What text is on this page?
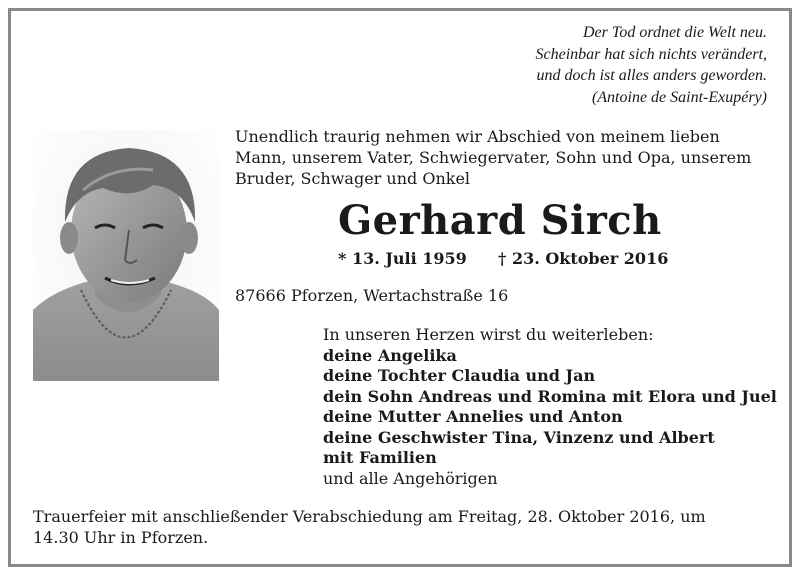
Der Tod ordnet die Welt neu.
Scheinbar hat sich nichts verändert,
und doch ist alles anders geworden.
(Antoine de Saint-Exupéry)
Unendlich traurig nehmen wir Abschied von meinem lieben
Mann, unserem Vater, Schwiegervater, Sohn und Opa, unserem
Bruder, Schwager und Onkel
Gerhard Sirch
* 13. Juli 1959 † 23. Oktober 2016
87666 Pforzen, Wertachstraße 16
In unseren Herzen wirst du weiterleben:
deine Angelika
deine Tochter Claudia und Jan
dein Sohn Andreas und Romina mit Elora und Juel
deine Mutter Annelies und Anton
deine Geschwister Tina, Vinzenz und Albert
mit Familien
und alle Angehörigen
Trauerfeier mit anschließender Verabschiedung am Freitag, 28. Oktober 2016, um
14.30 Uhr in Pforzen.
